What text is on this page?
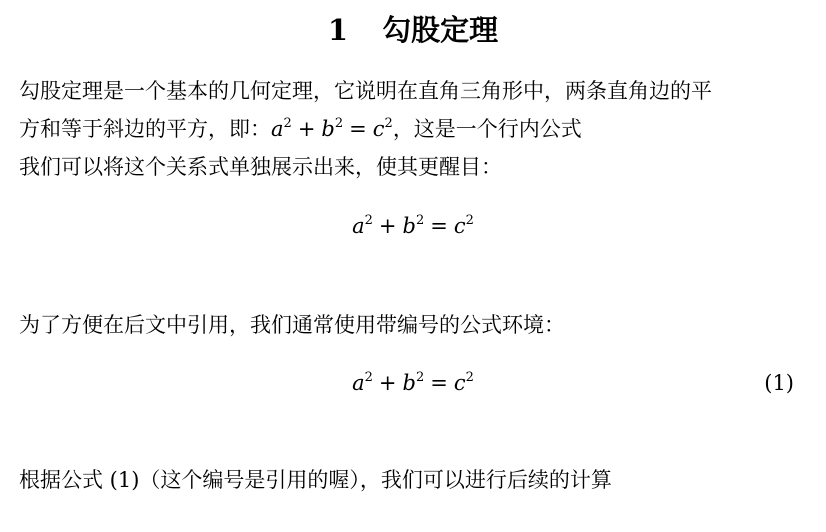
1 勾股定理
勾股定理是一个基本的几何定理，它说明在直角三角形中，两条直角边的平
方和等于斜边的平方，即：$a^2 + b^2 = c^2$，这是一个行内公式
我们可以将这个关系式单独展示出来，使其更醒目：
$a^2 + b^2 = c^2$
为了方便在后文中引用，我们通常使用带编号的公式环境：
$a^2 + b^2 = c^2$	(1)
根据公式 (1)（这个编号是引用的喔），我们可以进行后续的计算
